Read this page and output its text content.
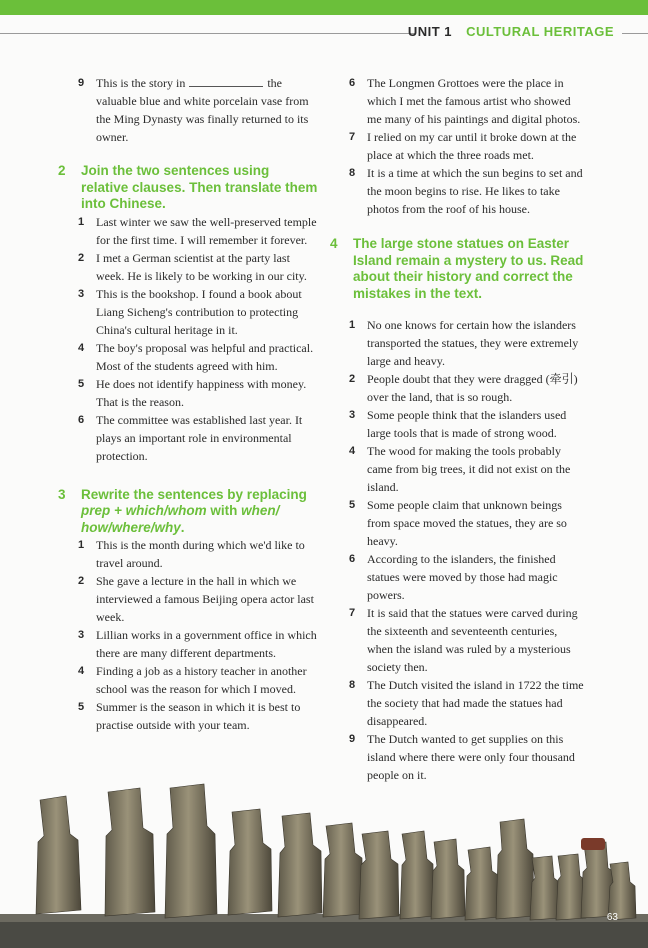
UNIT 1 CULTURAL HERITAGE
9 This is the story in	the valuable blue and white porcelain vase from the Ming Dynasty was finally returned to its owner.
2 Join the two sentences using relative clauses. Then translate them into Chinese.
1 Last winter we saw the well-preserved temple for the first time. I will remember it forever.
2 I met a German scientist at the party last week. He is likely to be working in our city.
3 This is the bookshop. I found a book about Liang Sicheng's contribution to protecting China's cultural heritage in it.
4 The boy's proposal was helpful and practical. Most of the students agreed with him.
5 He does not identify happiness with money. That is the reason.
6 The committee was established last year. It plays an important role in environmental protection.
3 Rewrite the sentences by replacing prep + which/whom with when/ how/where/why.
1 This is the month during which we'd like to travel around.
2 She gave a lecture in the hall in which we interviewed a famous Beijing opera actor last week.
3 Lillian works in a government office in which there are many different departments.
4 Finding a job as a history teacher in another school was the reason for which I moved.
5 Summer is the season in which it is best to practise outside with your team.
6 The Longmen Grottoes were the place in which I met the famous artist who showed me many of his paintings and digital photos.
7 I relied on my car until it broke down at the place at which the three roads met.
8 It is a time at which the sun begins to set and the moon begins to rise. He likes to take photos from the roof of his house.
4 The large stone statues on Easter Island remain a mystery to us. Read about their history and correct the mistakes in the text.
1 No one knows for certain how the islanders transported the statues, they were extremely large and heavy.
2 People doubt that they were dragged (牵引) over the land, that is so rough.
3 Some people think that the islanders used large tools that is made of strong wood.
4 The wood for making the tools probably came from big trees, it did not exist on the island.
5 Some people claim that unknown beings from space moved the statues, they are so heavy.
6 According to the islanders, the finished statues were moved by those had magic powers.
7 It is said that the statues were carved during the sixteenth and seventeenth centuries, when the island was ruled by a mysterious society then.
8 The Dutch visited the island in 1722 the time the society that had made the statues had disappeared.
9 The Dutch wanted to get supplies on this island where there were only four thousand people on it.
63
